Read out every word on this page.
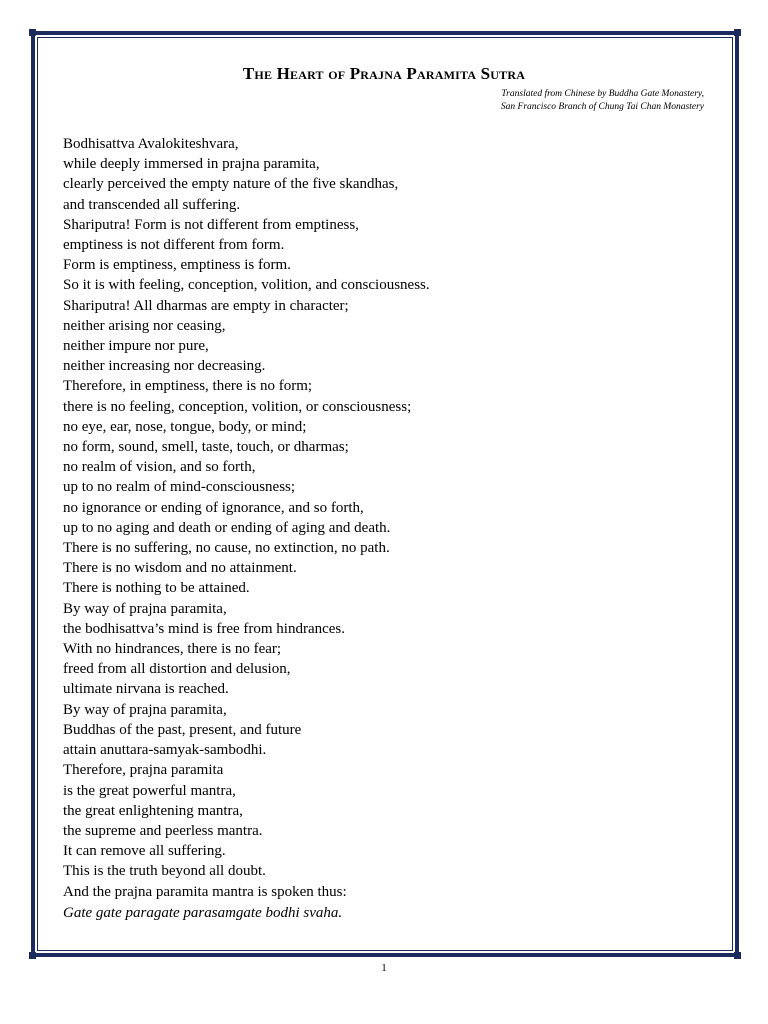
The Heart of Prajna Paramita Sutra
Translated from Chinese by Buddha Gate Monastery,
San Francisco Branch of Chung Tai Chan Monastery
Bodhisattva Avalokiteshvara,
while deeply immersed in prajna paramita,
clearly perceived the empty nature of the five skandhas,
and transcended all suffering.
Shariputra! Form is not different from emptiness,
emptiness is not different from form.
Form is emptiness, emptiness is form.
So it is with feeling, conception, volition, and consciousness.
Shariputra! All dharmas are empty in character;
neither arising nor ceasing,
neither impure nor pure,
neither increasing nor decreasing.
Therefore, in emptiness, there is no form;
there is no feeling, conception, volition, or consciousness;
no eye, ear, nose, tongue, body, or mind;
no form, sound, smell, taste, touch, or dharmas;
no realm of vision, and so forth,
up to no realm of mind-consciousness;
no ignorance or ending of ignorance, and so forth,
up to no aging and death or ending of aging and death.
There is no suffering, no cause, no extinction, no path.
There is no wisdom and no attainment.
There is nothing to be attained.
By way of prajna paramita,
the bodhisattva’s mind is free from hindrances.
With no hindrances, there is no fear;
freed from all distortion and delusion,
ultimate nirvana is reached.
By way of prajna paramita,
Buddhas of the past, present, and future
attain anuttara-samyak-sambodhi.
Therefore, prajna paramita
is the great powerful mantra,
the great enlightening mantra,
the supreme and peerless mantra.
It can remove all suffering.
This is the truth beyond all doubt.
And the prajna paramita mantra is spoken thus:
Gate gate paragate parasamgate bodhi svaha.
1
